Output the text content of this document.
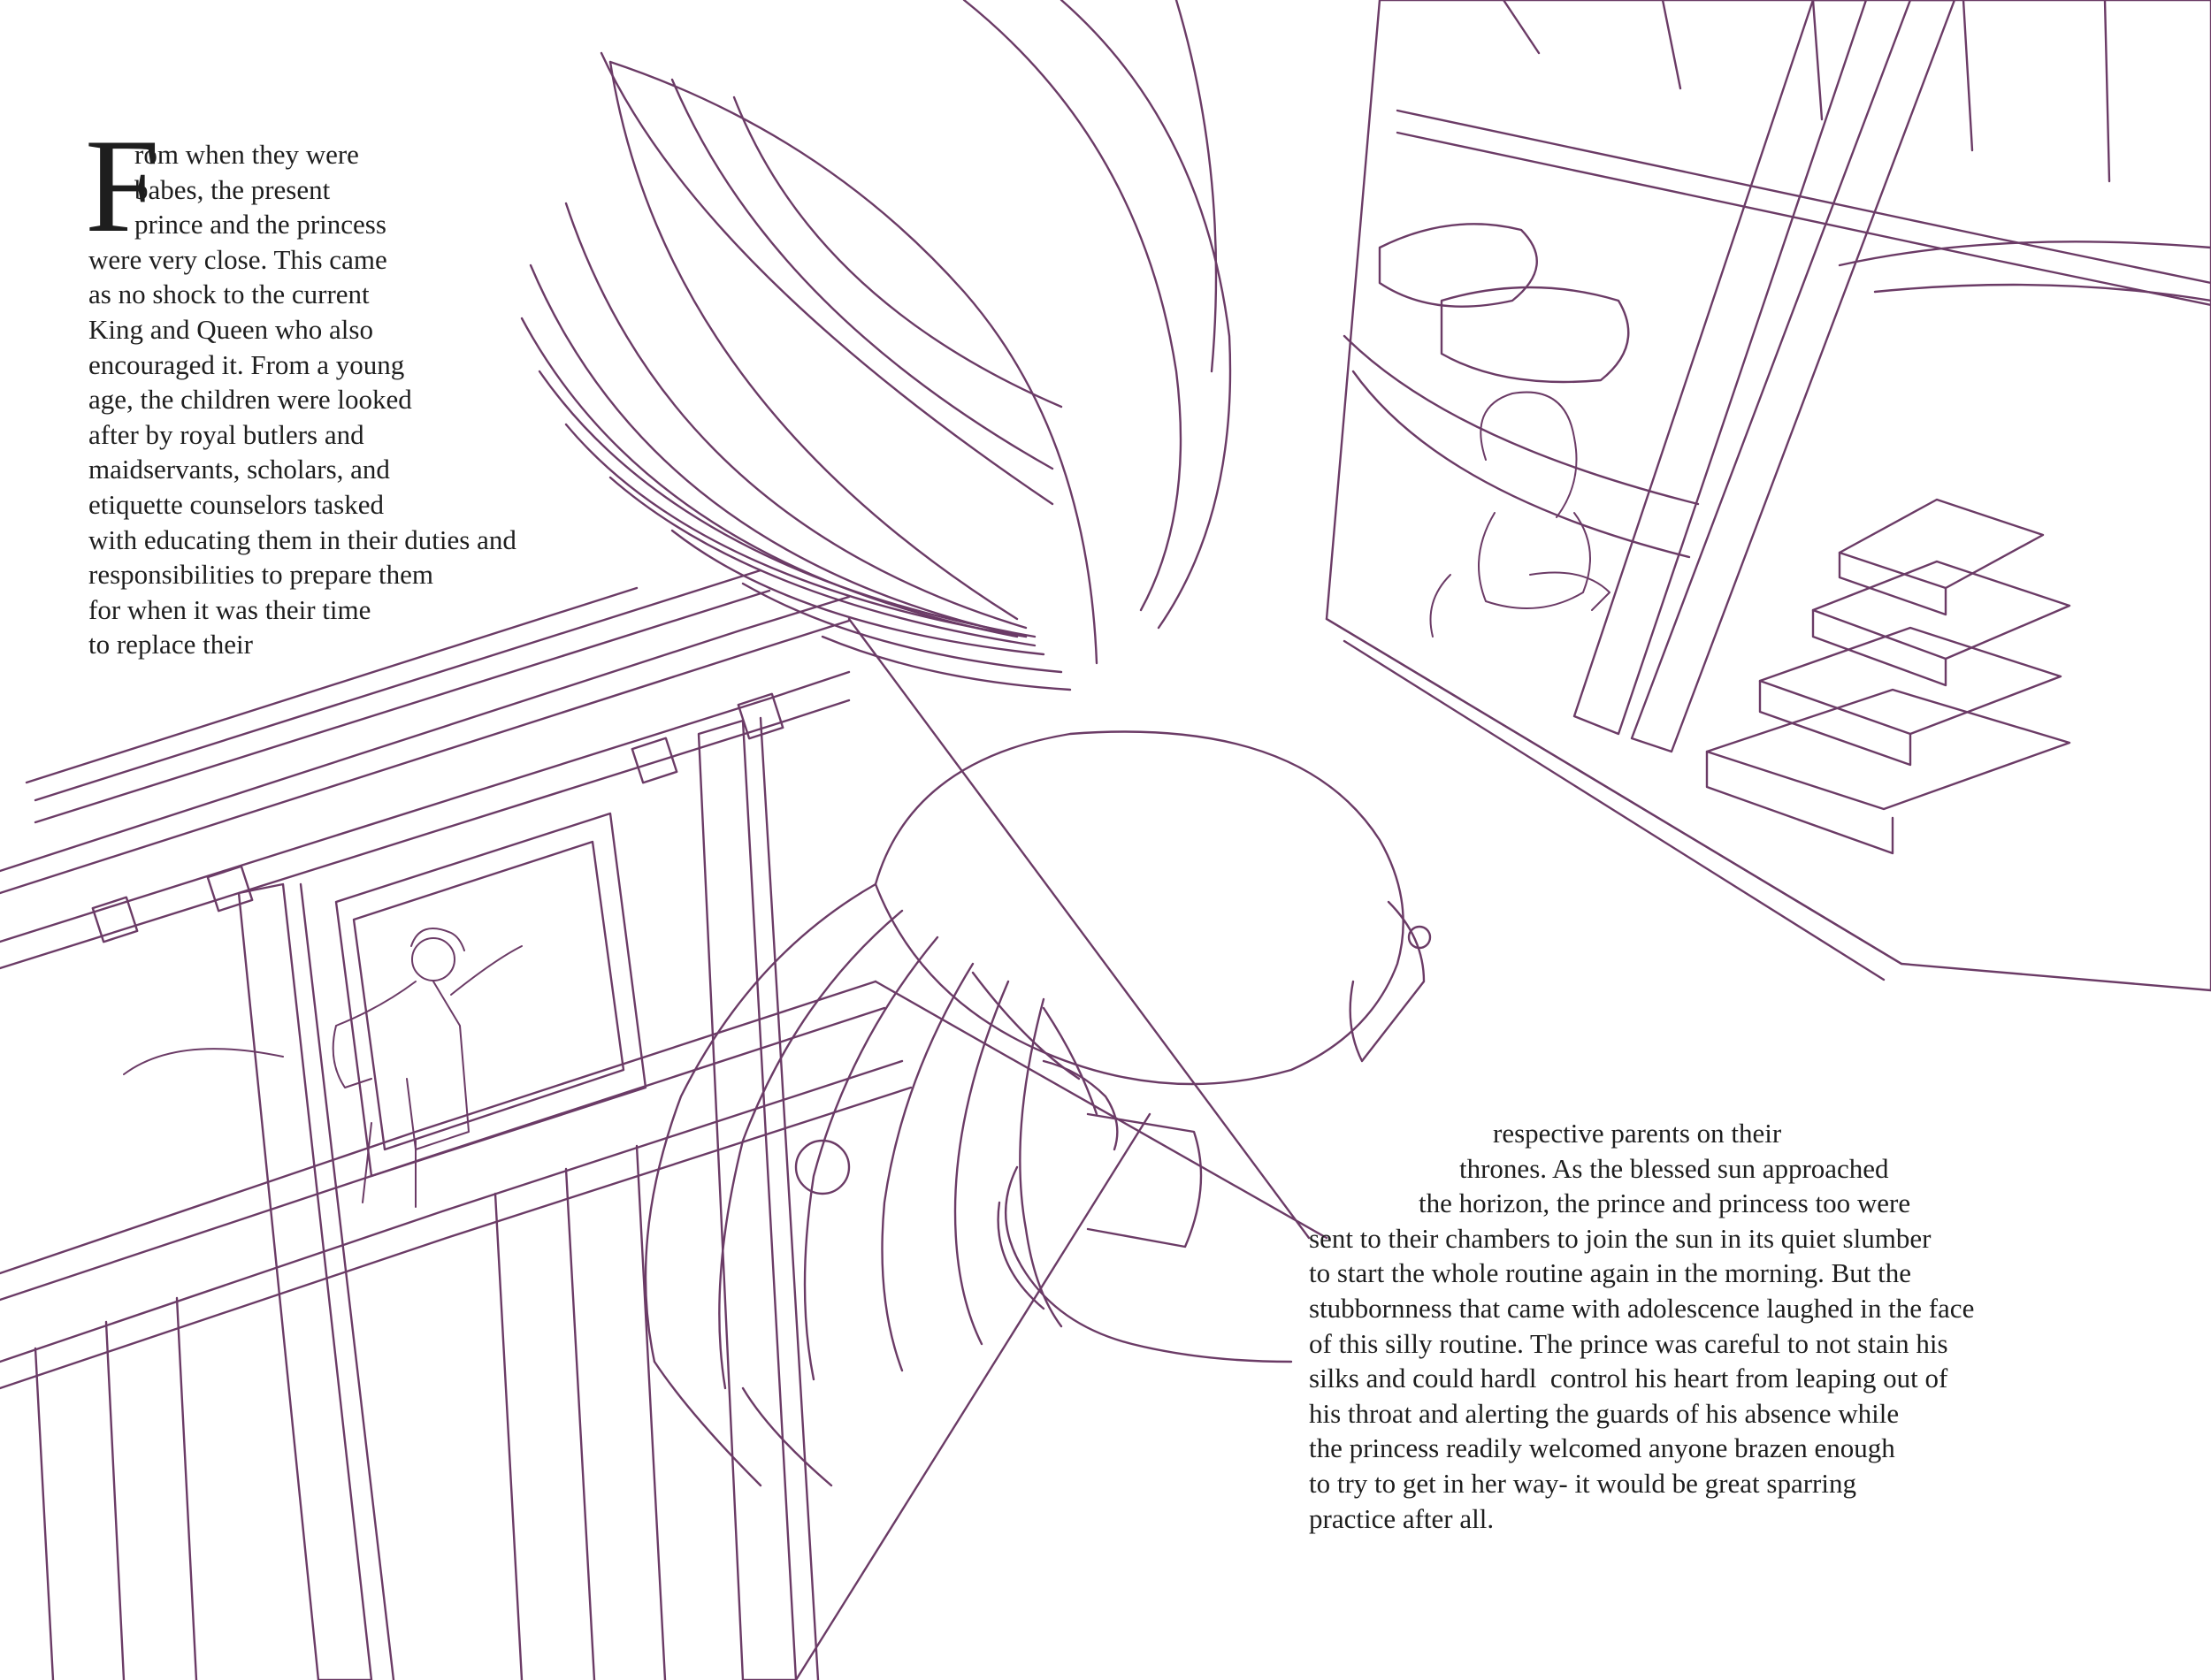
F
rom when they were
babes, the present
prince and the princess
were very close. This came
as no shock to the current
King and Queen who also
encouraged it. From a young
age, the children were looked
after by royal butlers and
maidservants, scholars, and
etiquette counselors tasked
with educating them in their duties and
responsibilities to prepare them
for when it was their time
to replace their
respective parents on their
thrones. As the blessed sun approached
the horizon, the prince and princess too were
sent to their chambers to join the sun in its quiet slumber
to start the whole routine again in the morning. But the
stubbornness that came with adolescence laughed in the face
of this silly routine. The prince was careful to not stain his
silks and could hardl  control his heart from leaping out of
his throat and alerting the guards of his absence while
the princess readily welcomed anyone brazen enough
to try to get in her way- it would be great sparring
practice after all.
